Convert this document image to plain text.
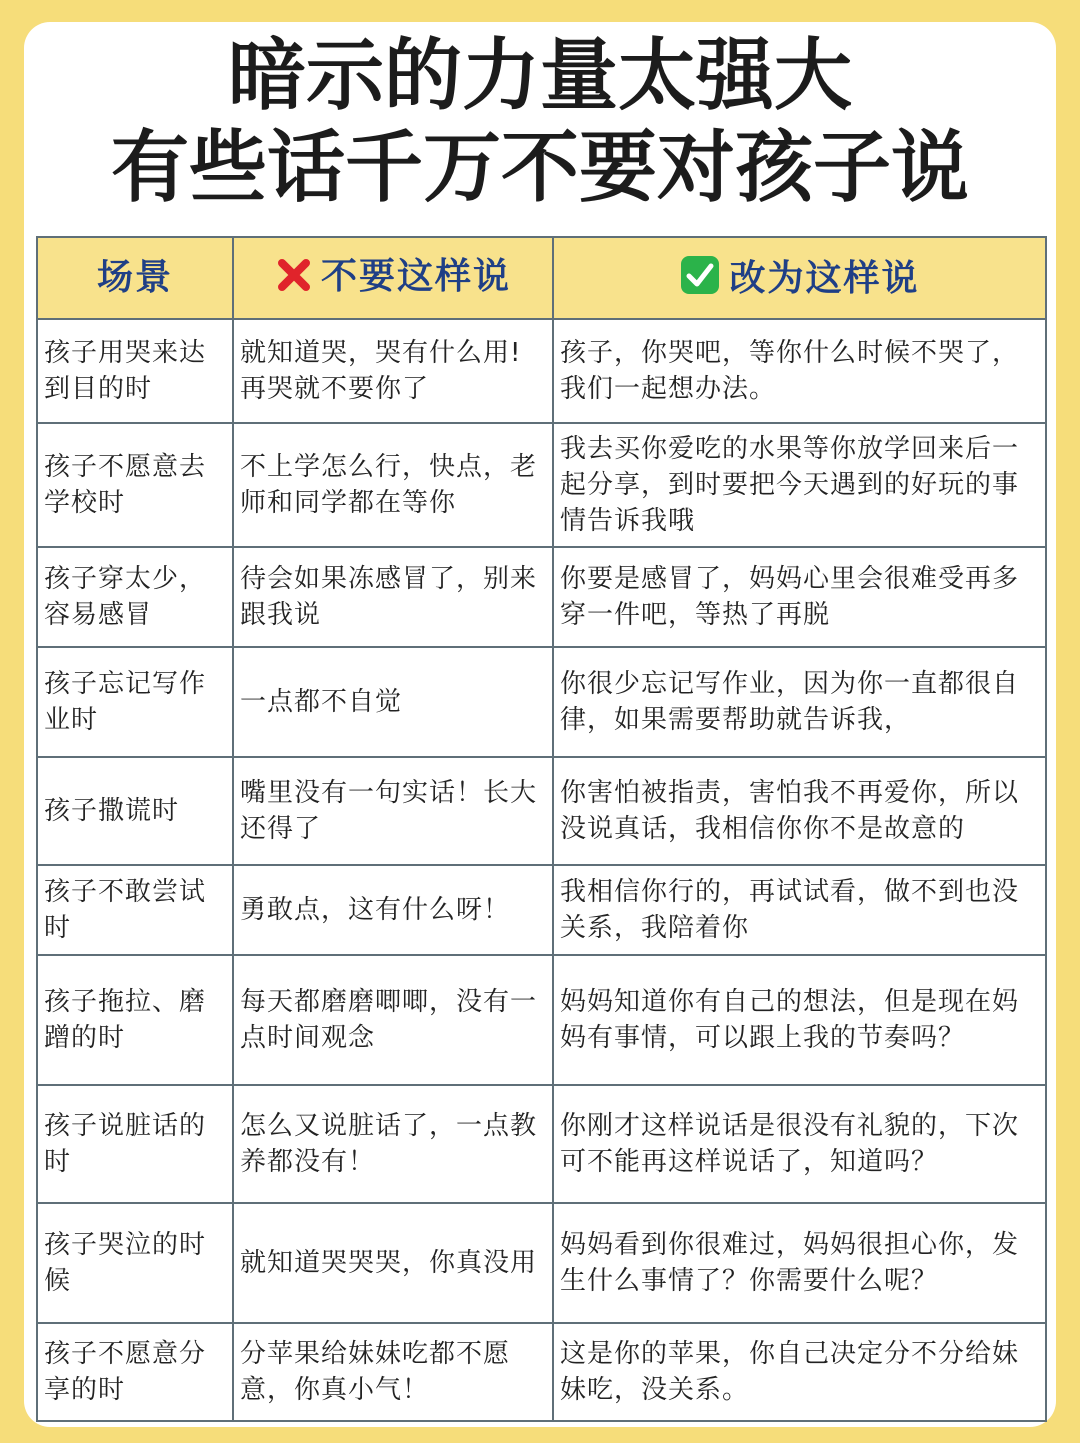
暗示的力量太强大
有些话千万不要对孩子说
场景	不要这样说	改为这样说
孩子用哭来达到目的时	就知道哭，哭有什么用!再哭就不要你了	孩子，你哭吧，等你什么时候不哭了，我们一起想办法。
孩子不愿意去学校时	不上学怎么行，快点，老师和同学都在等你	我去买你爱吃的水果等你放学回来后一起分享，到时要把今天遇到的好玩的事情告诉我哦
孩子穿太少，容易感冒	待会如果冻感冒了，别来跟我说	你要是感冒了，妈妈心里会很难受再多穿一件吧，等热了再脱
孩子忘记写作业时	一点都不自觉	你很少忘记写作业，因为你一直都很自律，如果需要帮助就告诉我，
孩子撒谎时	嘴里没有一句实话！长大还得了	你害怕被指责，害怕我不再爱你，所以没说真话，我相信你你不是故意的
孩子不敢尝试时	勇敢点，这有什么呀！	我相信你行的，再试试看，做不到也没关系，我陪着你
孩子拖拉、磨蹭的时	每天都磨磨唧唧，没有一点时间观念	妈妈知道你有自己的想法，但是现在妈妈有事情，可以跟上我的节奏吗？
孩子说脏话的时	怎么又说脏话了，一点教养都没有！	你刚才这样说话是很没有礼貌的，下次可不能再这样说话了，知道吗？
孩子哭泣的时候	就知道哭哭哭，你真没用	妈妈看到你很难过，妈妈很担心你，发生什么事情了？你需要什么呢？
孩子不愿意分享的时	分苹果给妹妹吃都不愿意，你真小气！	这是你的苹果，你自己决定分不分给妹妹吃，没关系。
